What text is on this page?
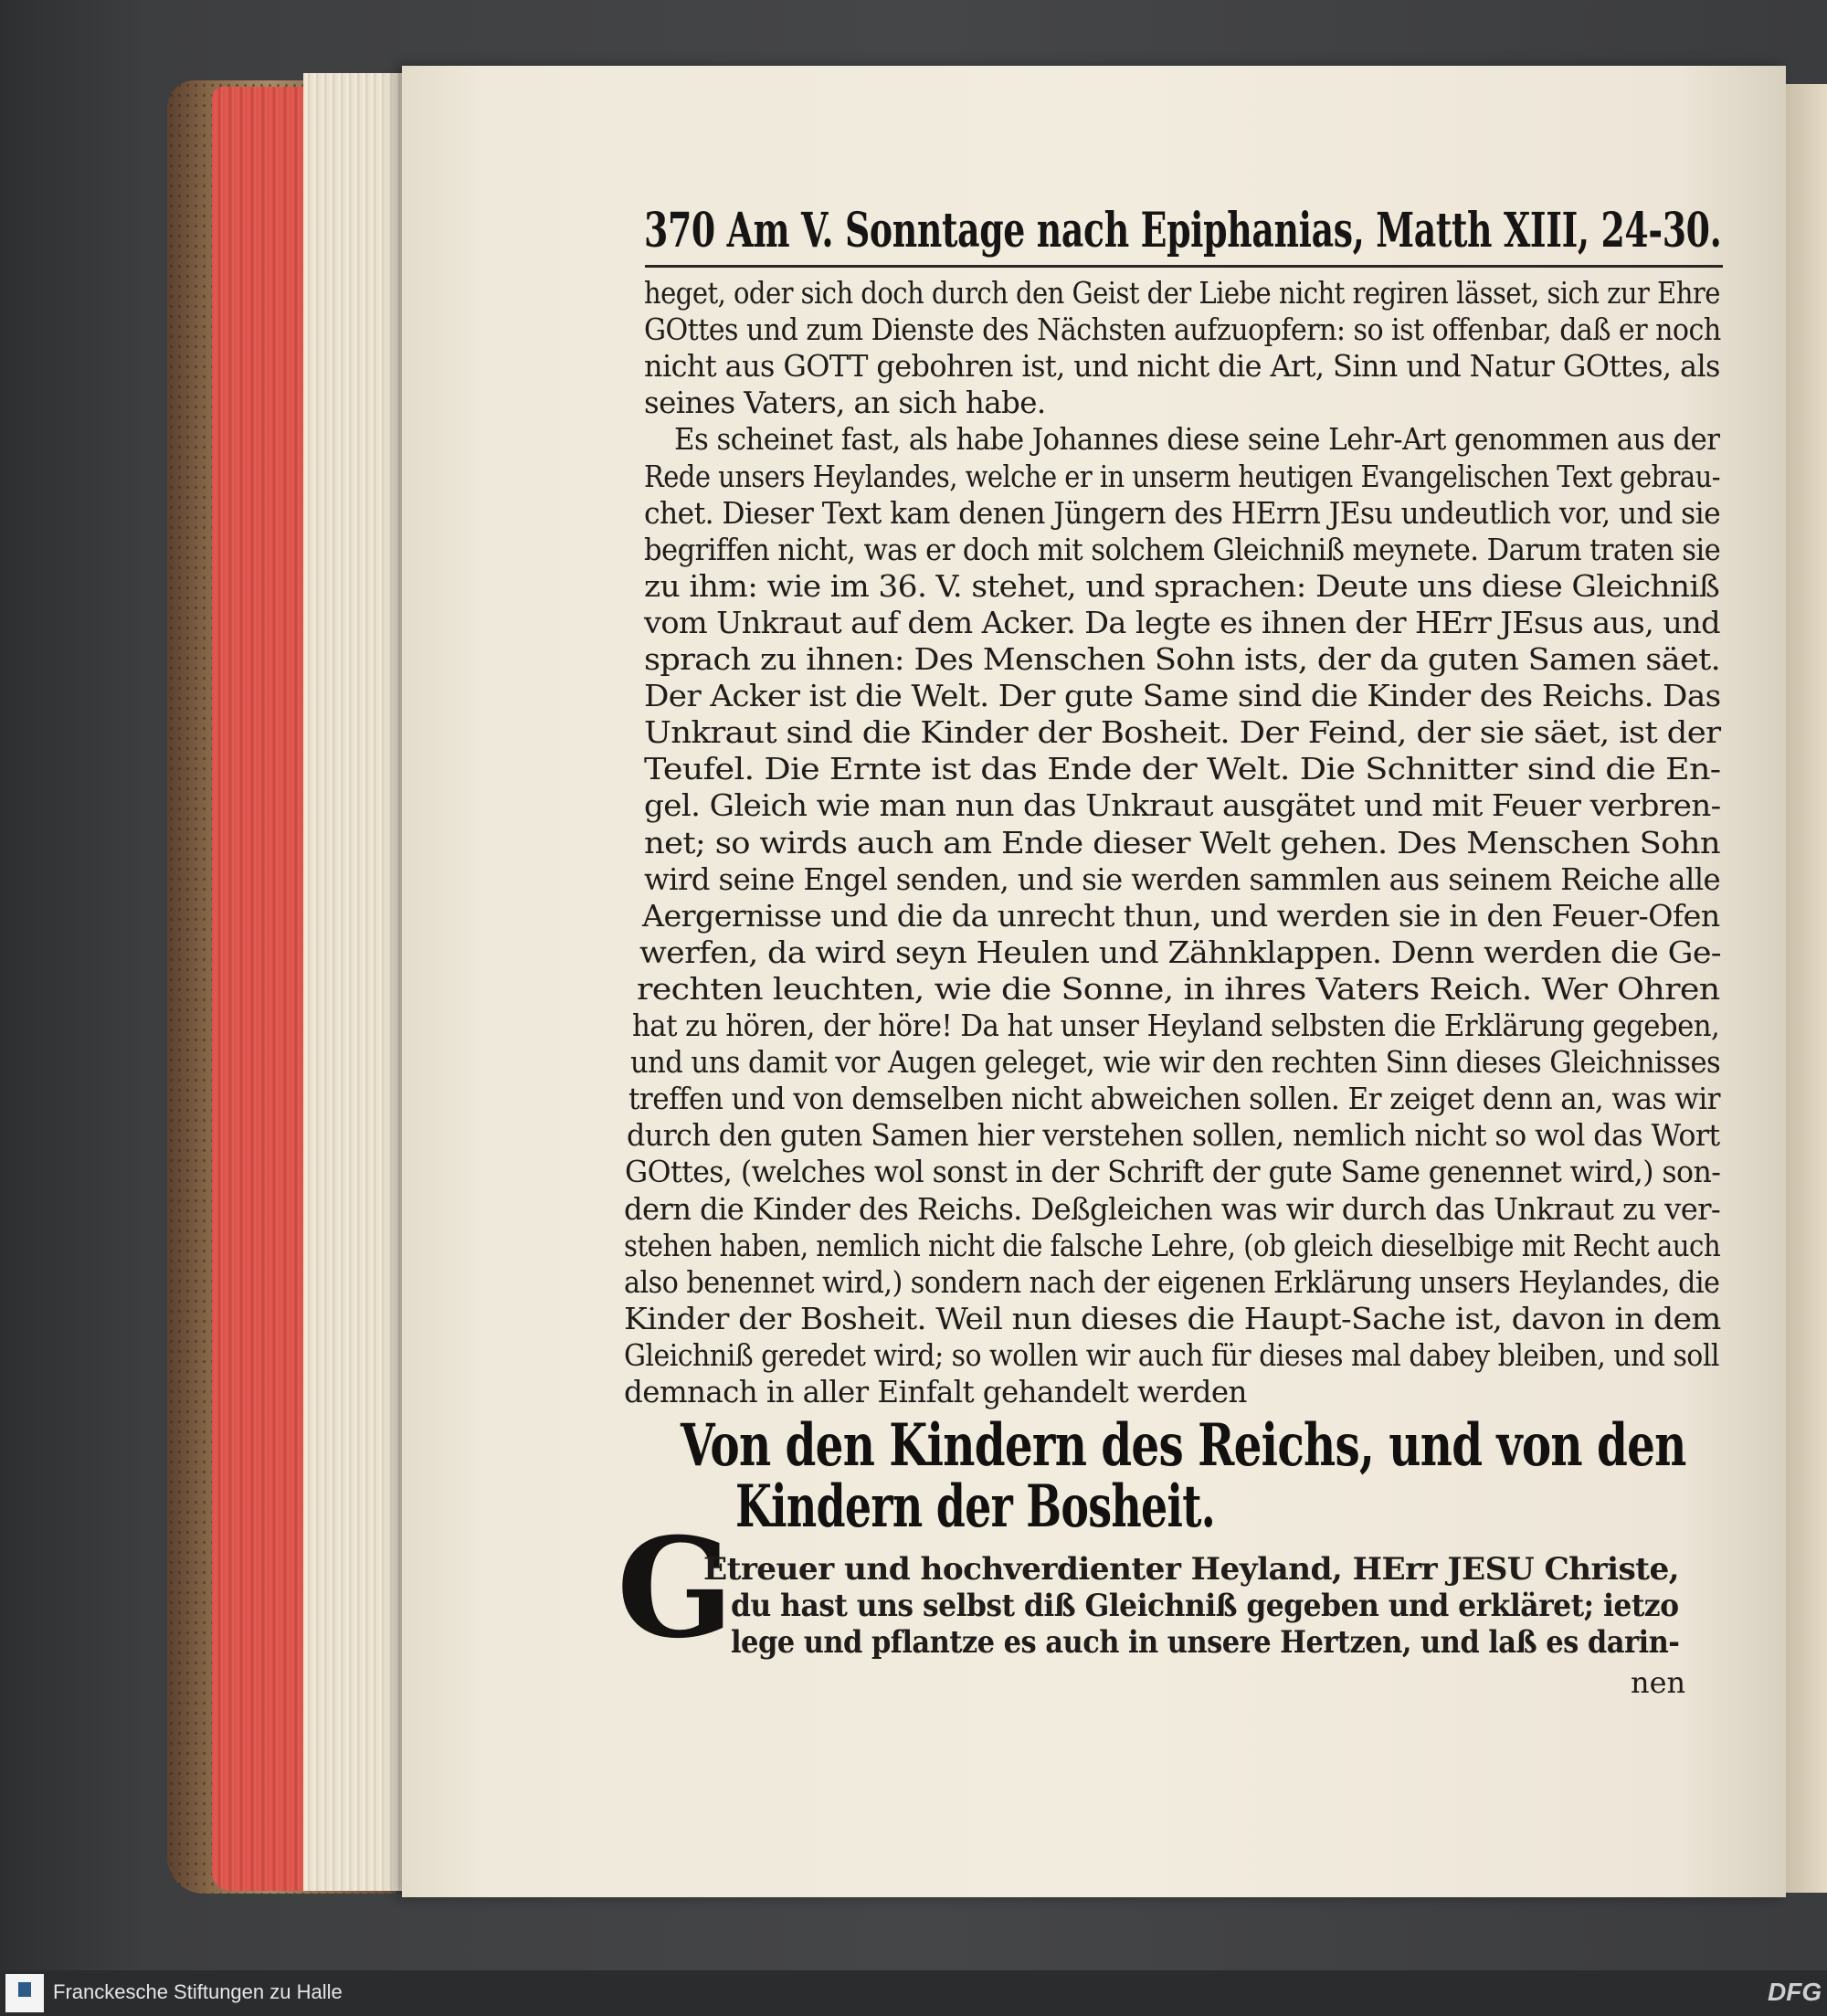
370 Am V. Sonntage nach Epiphanias, Matth XIII, 24-30.
heget, oder sich doch durch den Geist der Liebe nicht regiren lässet, sich zur Ehre
GOttes und zum Dienste des Nächsten aufzuopfern: so ist offenbar, daß er noch
nicht aus GOTT gebohren ist, und nicht die Art, Sinn und Natur GOttes, als
seines Vaters, an sich habe.
Es scheinet fast, als habe Johannes diese seine Lehr-Art genommen aus der
Rede unsers Heylandes, welche er in unserm heutigen Evangelischen Text gebrau-
chet. Dieser Text kam denen Jüngern des HErrn JEsu undeutlich vor, und sie
begriffen nicht, was er doch mit solchem Gleichniß meynete. Darum traten sie
zu ihm: wie im 36. V. stehet, und sprachen: Deute uns diese Gleichniß
vom Unkraut auf dem Acker. Da legte es ihnen der HErr JEsus aus, und
sprach zu ihnen: Des Menschen Sohn ists, der da guten Samen säet.
Der Acker ist die Welt. Der gute Same sind die Kinder des Reichs. Das
Unkraut sind die Kinder der Bosheit. Der Feind, der sie säet, ist der
Teufel. Die Ernte ist das Ende der Welt. Die Schnitter sind die En-
gel. Gleich wie man nun das Unkraut ausgätet und mit Feuer verbren-
net; so wirds auch am Ende dieser Welt gehen. Des Menschen Sohn
wird seine Engel senden, und sie werden sammlen aus seinem Reiche alle
Aergernisse und die da unrecht thun, und werden sie in den Feuer-Ofen
werfen, da wird seyn Heulen und Zähnklappen. Denn werden die Ge-
rechten leuchten, wie die Sonne, in ihres Vaters Reich. Wer Ohren
hat zu hören, der höre! Da hat unser Heyland selbsten die Erklärung gegeben,
und uns damit vor Augen geleget, wie wir den rechten Sinn dieses Gleichnisses
treffen und von demselben nicht abweichen sollen. Er zeiget denn an, was wir
durch den guten Samen hier verstehen sollen, nemlich nicht so wol das Wort
GOttes, (welches wol sonst in der Schrift der gute Same genennet wird,) son-
dern die Kinder des Reichs. Deßgleichen was wir durch das Unkraut zu ver-
stehen haben, nemlich nicht die falsche Lehre, (ob gleich dieselbige mit Recht auch
also benennet wird,) sondern nach der eigenen Erklärung unsers Heylandes, die
Kinder der Bosheit. Weil nun dieses die Haupt-Sache ist, davon in dem
Gleichniß geredet wird; so wollen wir auch für dieses mal dabey bleiben, und soll
demnach in aller Einfalt gehandelt werden
Von den Kindern des Reichs, und von den
Kindern der Bosheit.
G
Etreuer und hochverdienter Heyland, HErr JESU Christe,
du hast uns selbst diß Gleichniß gegeben und erkläret; ietzo
lege und pflantze es auch in unsere Hertzen, und laß es darin-
nen
Franckesche Stiftungen zu Halle	DFG
